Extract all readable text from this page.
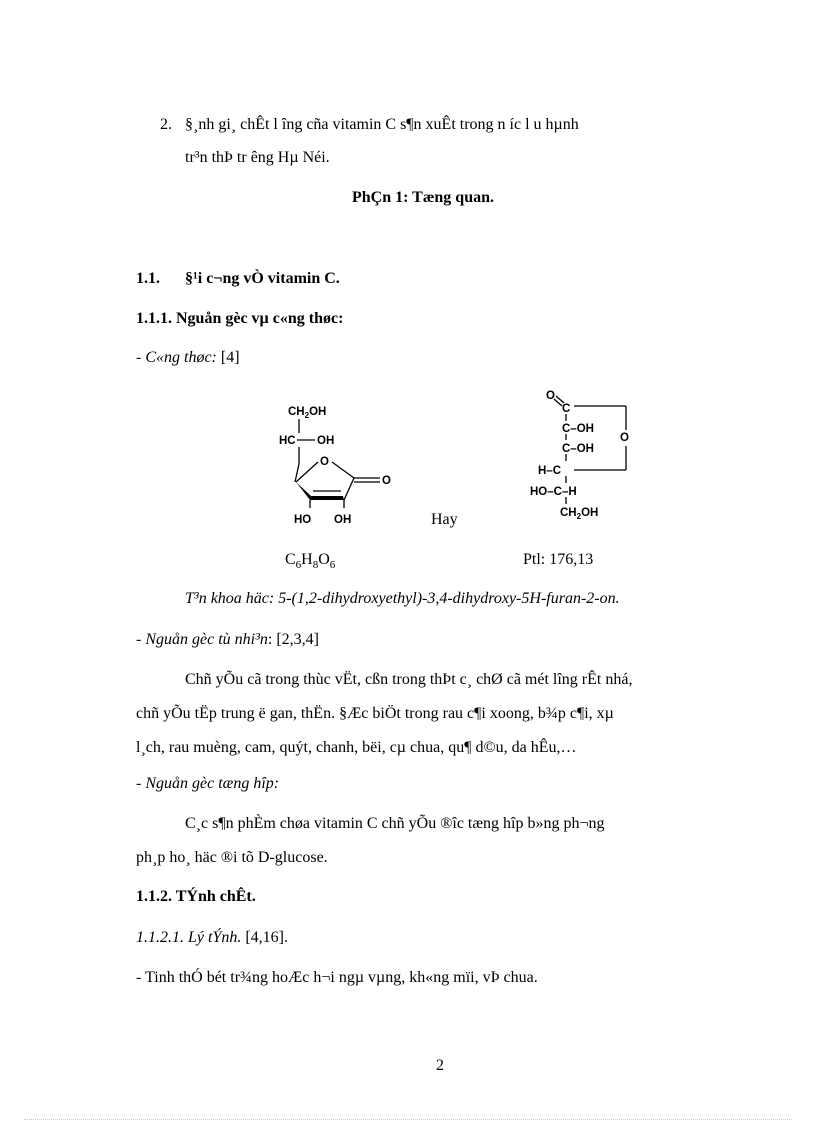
2. §¸nh gi¸ chÊt l îng cña vitamin C s¶n xuÊt trong n íc l u hµnh
tr³n thÞ tr êng Hµ Néi.
PhÇn 1: Tæng quan.
1.1. §¹i c¬ng vÒ vitamin C.
1.1.1. Nguån gèc vµ c«ng thøc:
- C«ng thøc: [4]
$CH_2OH$
HC OH
O
O
HO OH	Hay
O
C
O
C–OH
C–OH
H–C
HO–C–H
$CH_2OH$
$C_6H_8O_6$	Ptl: 176,13
T³n khoa häc: 5-(1,2-dihydroxyethyl)-3,4-dihydroxy-5H-furan-2-on.
- Nguån gèc tù nhi³n: [2,3,4]
Chñ yÕu cã trong thùc vËt, cßn trong thÞt c¸ chØ cã mét lîng rÊt nhá,
chñ yÕu tËp trung ë gan, thËn. §Æc biÖt trong rau c¶i xoong, b¾p c¶i, xµ
l¸ch, rau muèng, cam, quýt, chanh, bëi, cµ chua, qu¶ d©u, da hÊu,…
- Nguån gèc tæng hîp:
C¸c s¶n phÈm chøa vitamin C chñ yÕu ®îc tæng hîp b»ng ph¬ng
ph¸p ho¸ häc ®i tõ D-glucose.
1.1.2. TÝnh chÊt.
1.1.2.1. Lý tÝnh. [4,16].
- Tinh thÓ bét tr¾ng hoÆc h¬i ngµ vµng, kh«ng mïi, vÞ chua.
2
